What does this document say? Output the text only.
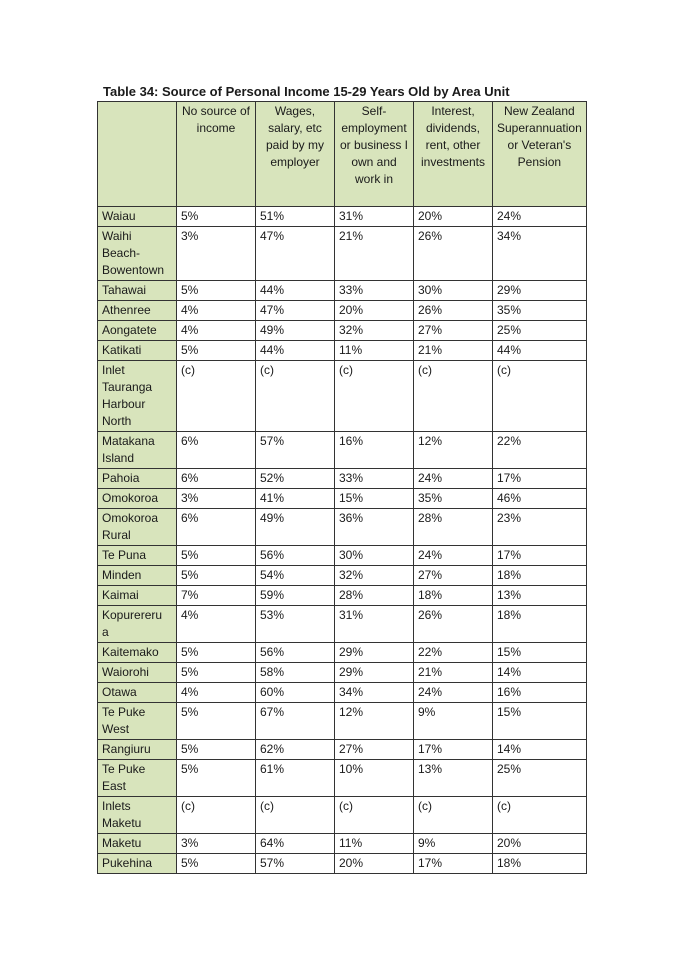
Table 34: Source of Personal Income 15-29 Years Old by Area Unit
	No source of income	Wages, salary, etc paid by my employer	Self-employment or business I own and work in	Interest, dividends, rent, other investments	New Zealand Superannuation or Veteran's Pension
Waiau	5%	51%	31%	20%	24%
Waihi Beach-Bowentown	3%	47%	21%	26%	34%
Tahawai	5%	44%	33%	30%	29%
Athenree	4%	47%	20%	26%	35%
Aongatete	4%	49%	32%	27%	25%
Katikati	5%	44%	11%	21%	44%
Inlet Tauranga Harbour North	(c)	(c)	(c)	(c)	(c)
Matakana Island	6%	57%	16%	12%	22%
Pahoia	6%	52%	33%	24%	17%
Omokoroa	3%	41%	15%	35%	46%
Omokoroa Rural	6%	49%	36%	28%	23%
Te Puna	5%	56%	30%	24%	17%
Minden	5%	54%	32%	27%	18%
Kaimai	7%	59%	28%	18%	13%
Kopurereru a	4%	53%	31%	26%	18%
Kaitemako	5%	56%	29%	22%	15%
Waiorohi	5%	58%	29%	21%	14%
Otawa	4%	60%	34%	24%	16%
Te Puke West	5%	67%	12%	9%	15%
Rangiuru	5%	62%	27%	17%	14%
Te Puke East	5%	61%	10%	13%	25%
Inlets Maketu	(c)	(c)	(c)	(c)	(c)
Maketu	3%	64%	11%	9%	20%
Pukehina	5%	57%	20%	17%	18%
